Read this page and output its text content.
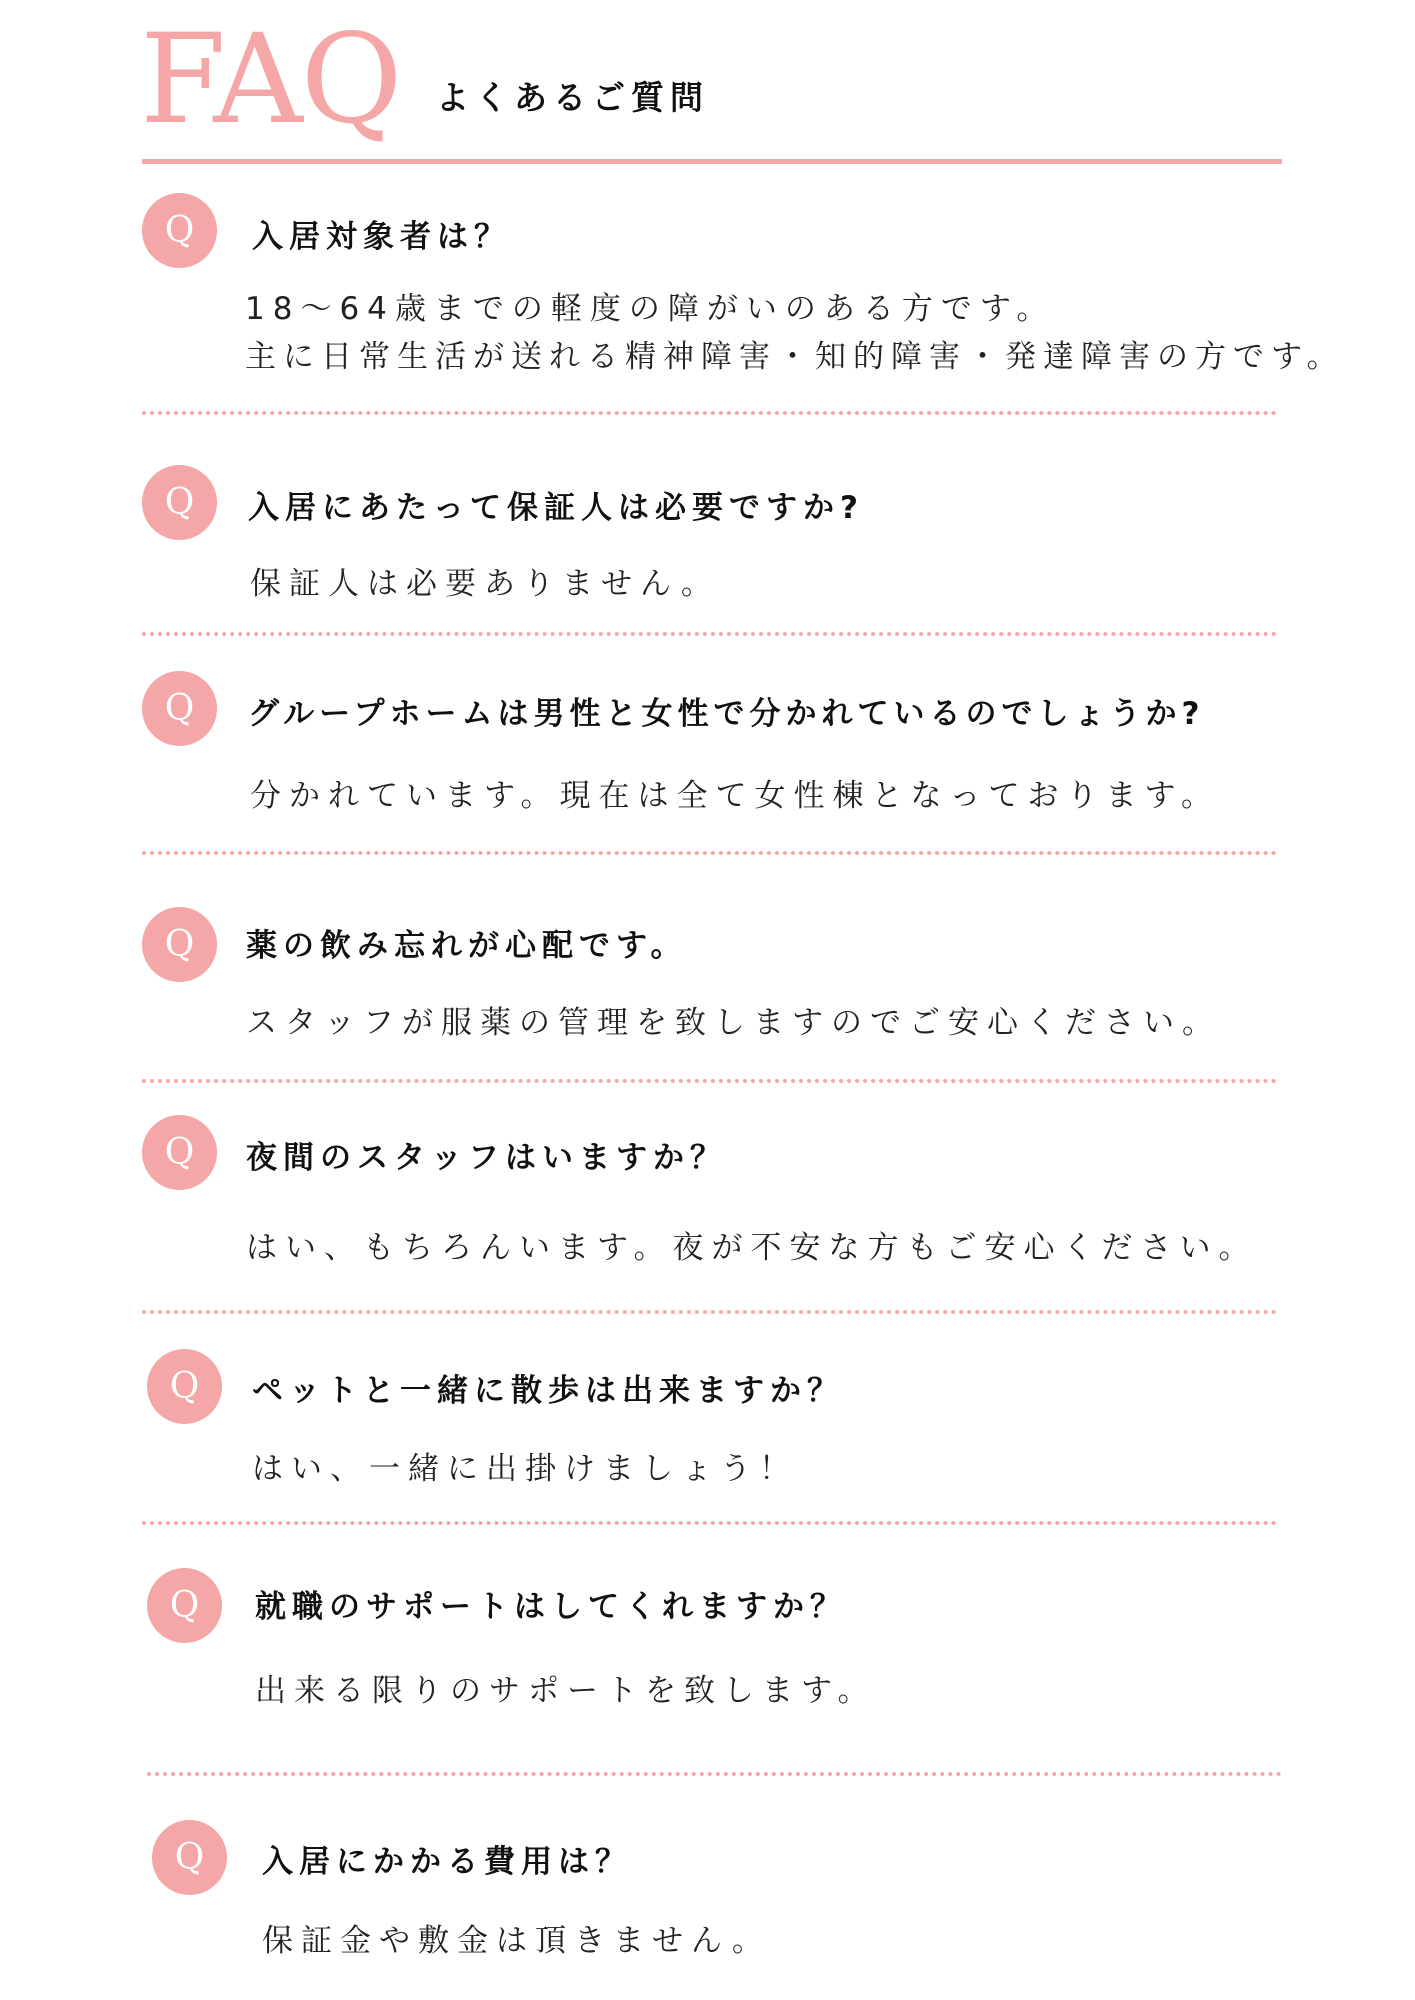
FAQ よくあるご質問
Q	入居対象者は？
18〜64歳までの軽度の障がいのある方です。
主に日常生活が送れる精神障害・知的障害・発達障害の方です。
Q	入居にあたって保証人は必要ですか?
保証人は必要ありません。
Q	グループホームは男性と女性で分かれているのでしょうか?
分かれています。現在は全て女性棟となっております。
Q	薬の飲み忘れが心配です。
スタッフが服薬の管理を致しますのでご安心ください。
Q	夜間のスタッフはいますか？
はい、もちろんいます。夜が不安な方もご安心ください。
Q	ペットと一緒に散歩は出来ますか？
はい、一緒に出掛けましょう！
Q	就職のサポートはしてくれますか？
出来る限りのサポートを致します。
Q	入居にかかる費用は？
保証金や敷金は頂きません。
